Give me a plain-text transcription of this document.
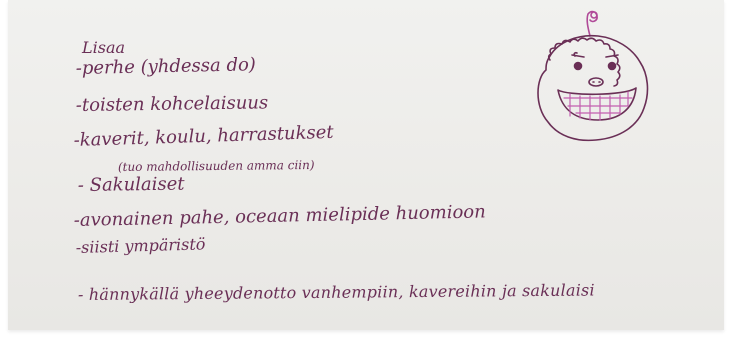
Lisaa
-perhe (yhdessa do)
-toisten kohcelaisuus
-kaverit, koulu, harrastukset
(tuo mahdollisuuden amma ciin)
- Sakulaiset
-avonainen pahe, oceaan mielipide huomioon
-siisti ympäristö
- hännykällä yheeydenotto vanhempiin, kavereihin ja sakulaisi
